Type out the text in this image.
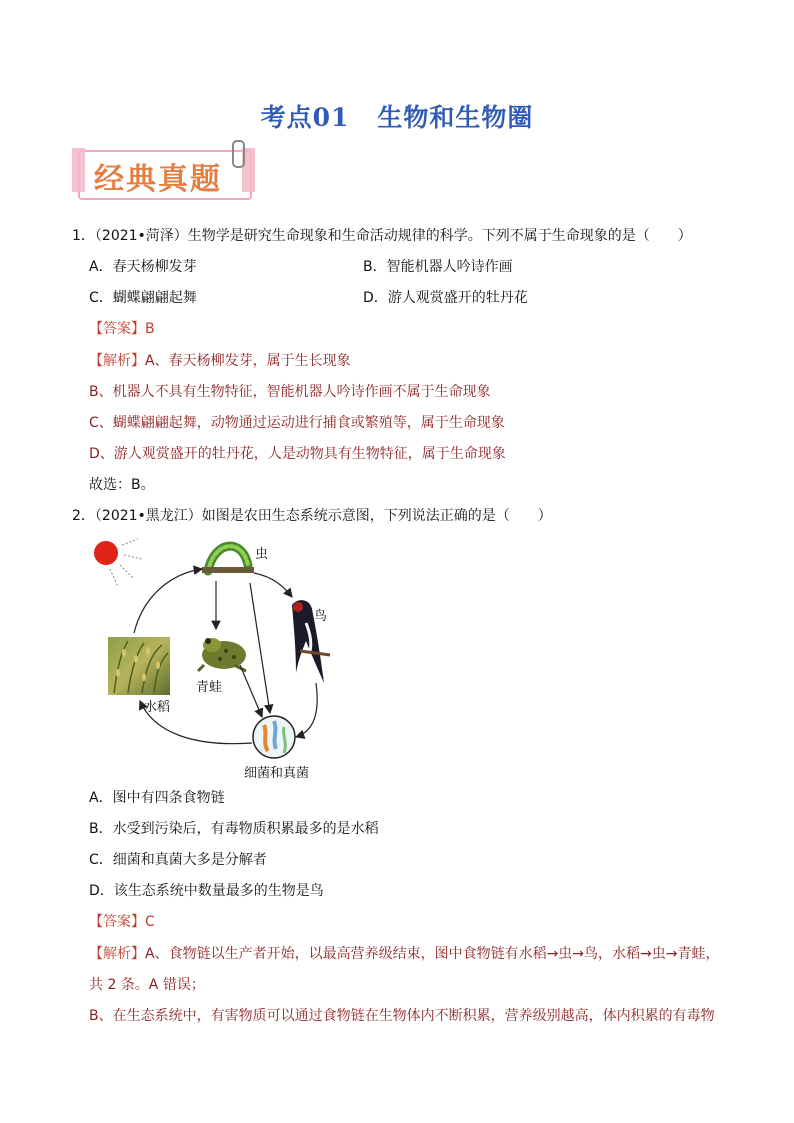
考点01 生物和生物圈
经典真题
1．（2021•菏泽）生物学是研究生命现象和生命活动规律的科学。下列不属于生命现象的是（　　）
A．春天杨柳发芽	B．智能机器人吟诗作画
C．蝴蝶翩翩起舞	D．游人观赏盛开的牡丹花
【答案】B
【解析】A、春天杨柳发芽，属于生长现象
B、机器人不具有生物特征，智能机器人吟诗作画不属于生命现象
C、蝴蝶翩翩起舞，动物通过运动进行捕食或繁殖等，属于生命现象
D、游人观赏盛开的牡丹花，人是动物具有生物特征，属于生命现象
故选：B。
2．（2021•黑龙江）如图是农田生态系统示意图，下列说法正确的是（　　）
虫
鸟
青蛙
水稻
细菌和真菌
A．图中有四条食物链
B．水受到污染后，有毒物质积累最多的是水稻
C．细菌和真菌大多是分解者
D．该生态系统中数量最多的生物是鸟
【答案】C
【解析】A、食物链以生产者开始，以最高营养级结束，图中食物链有水稻→虫→鸟，水稻→虫→青蛙，
共 2 条。A 错误；
B、在生态系统中，有害物质可以通过食物链在生物体内不断积累，营养级别越高，体内积累的有毒物
